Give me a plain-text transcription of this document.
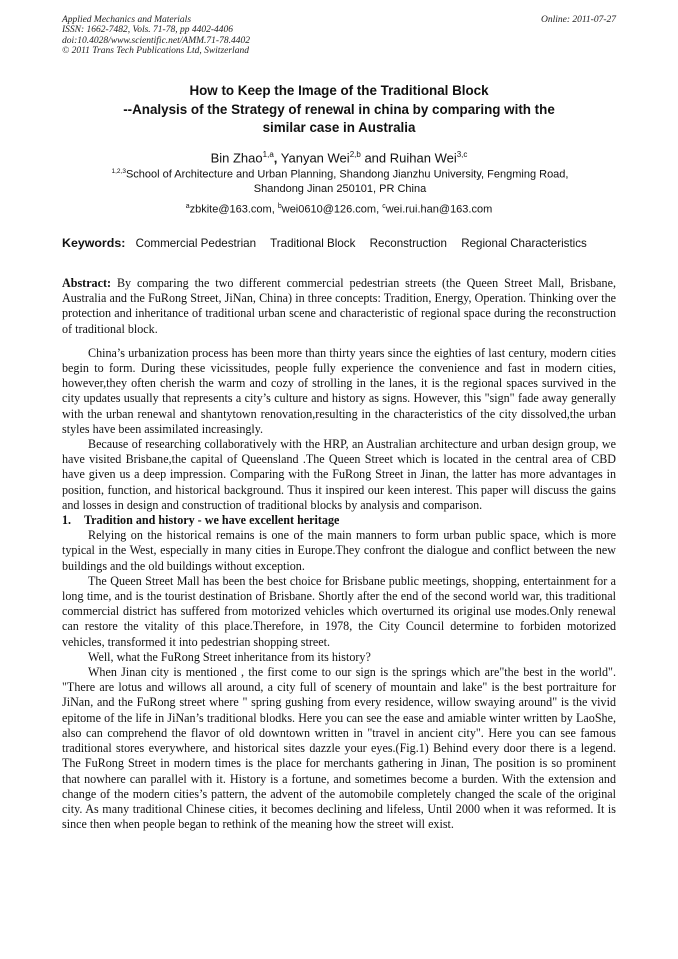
Applied Mechanics and Materials
ISSN: 1662-7482, Vols. 71-78, pp 4402-4406
doi:10.4028/www.scientific.net/AMM.71-78.4402
© 2011 Trans Tech Publications Ltd, Switzerland
Online: 2011-07-27
How to Keep the Image of the Traditional Block
--Analysis of the Strategy of renewal in china by comparing with the
similar case in Australia
Bin Zhao$^{1,a}$, Yanyan Wei$^{2,b}$ and Ruihan Wei$^{3,c}$
$^{1,2,3}$School of Architecture and Urban Planning, Shandong Jianzhu University, Fengming Road,
Shandong Jinan 250101, PR China
$^a$zbkite@163.com, $^b$wei0610@126.com, $^c$wei.rui.han@163.com
Keywords: Commercial Pedestrian Traditional Block Reconstruction Regional Characteristics

Abstract: By comparing the two different commercial pedestrian streets (the Queen Street Mall, Brisbane, Australia and the FuRong Street, JiNan, China) in three concepts: Tradition, Energy, Operation. Thinking over the protection and inheritance of traditional urban scene and characteristic of regional space during the reconstruction of traditional block.

China’s urbanization process has been more than thirty years since the eighties of last century, modern cities begin to form. During these vicissitudes, people fully experience the convenience and fast in modern cities, however,they often cherish the warm and cozy of strolling in the lanes, it is the regional spaces survived in the city updates usually that represents a city’s culture and history as signs. However, this "sign" fade away generally with the urban renewal and shantytown renovation,resulting in the characteristics of the city dissolved,the urban styles have been assimilated increasingly.

Because of researching collaboratively with the HRP, an Australian architecture and urban design group, we have visited Brisbane,the capital of Queensland .The Queen Street which is located in the central area of CBD have given us a deep impression. Comparing with the FuRong Street in Jinan, the latter has more advantages in position, function, and historical background. Thus it inspired our keen interest. This paper will discuss the gains and losses in design and construction of traditional blocks by analysis and comparison.

1. Tradition and history - we have excellent heritage

Relying on the historical remains is one of the main manners to form urban public space, which is more typical in the West, especially in many cities in Europe.They confront the dialogue and conflict between the new buildings and the old buildings without exception.

The Queen Street Mall has been the best choice for Brisbane public meetings, shopping, entertainment for a long time, and is the tourist destination of Brisbane. Shortly after the end of the second world war, this traditional commercial district has suffered from motorized vehicles which overturned its original use modes.Only renewal can restore the vitality of this place.Therefore, in 1978, the City Council determine to forbiden motorized vehicles, transformed it into pedestrian shopping street.

Well, what the FuRong Street inheritance from its history?

When Jinan city is mentioned , the first come to our sign is the springs which are"the best in the world". "There are lotus and willows all around, a city full of scenery of mountain and lake" is the best portraiture for JiNan, and the FuRong street where " spring gushing from every residence, willow swaying around" is the vivid epitome of the life in JiNan’s traditional blodks. Here you can see the ease and amiable winter written by LaoShe, also can comprehend the flavor of old downtown written in "travel in ancient city". Here you can see famous traditional stores everywhere, and historical sites dazzle your eyes.(Fig.1) Behind every door there is a legend. The FuRong Street in modern times is the place for merchants gathering in Jinan, The position is so prominent that nowhere can parallel with it. History is a fortune, and sometimes become a burden. With the extension and change of the modern cities’s pattern, the advent of the automobile completely changed the scale of the original city. As many traditional Chinese cities, it becomes declining and lifeless, Until 2000 when it was reformed. It is since then when people began to rethink of the meaning how the street will exist.
